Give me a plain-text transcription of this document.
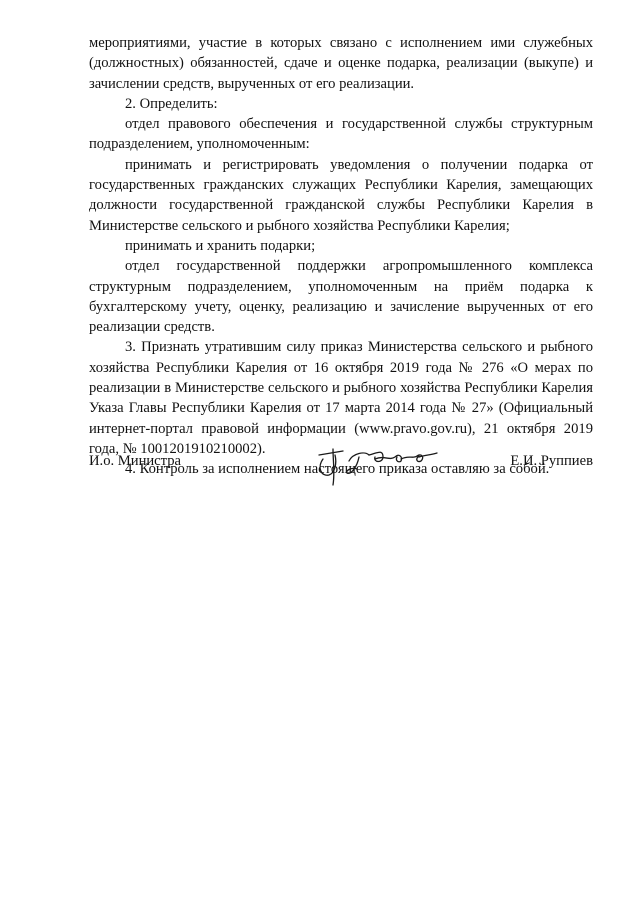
мероприятиями, участие в которых связано с исполнением ими служебных (должностных) обязанностей, сдаче и оценке подарка, реализации (выкупе) и зачислении средств, вырученных от его реализации.

2. Определить:

отдел правового обеспечения и государственной службы структурным подразделением, уполномоченным:

принимать и регистрировать уведомления о получении подарка от государственных гражданских служащих Республики Карелия, замещающих должности государственной гражданской службы Республики Карелия в Министерстве сельского и рыбного хозяйства Республики Карелия;

принимать и хранить подарки;

отдел государственной поддержки агропромышленного комплекса структурным подразделением, уполномоченным на приём подарка к бухгалтерскому учету, оценку, реализацию и зачисление вырученных от его реализации средств.

3. Признать утратившим силу приказ Министерства сельского и рыбного хозяйства Республики Карелия от 16 октября 2019 года № 276 «О мерах по реализации в Министерстве сельского и рыбного хозяйства Республики Карелия Указа Главы Республики Карелия от 17 марта 2014 года № 27» (Официальный интернет-портал правовой информации (www.pravo.gov.ru), 21 октября 2019 года, № 1001201910210002).

4. Контроль за исполнением настоящего приказа оставляю за собой.

И.о. Министра	Е.И. Руппиев
